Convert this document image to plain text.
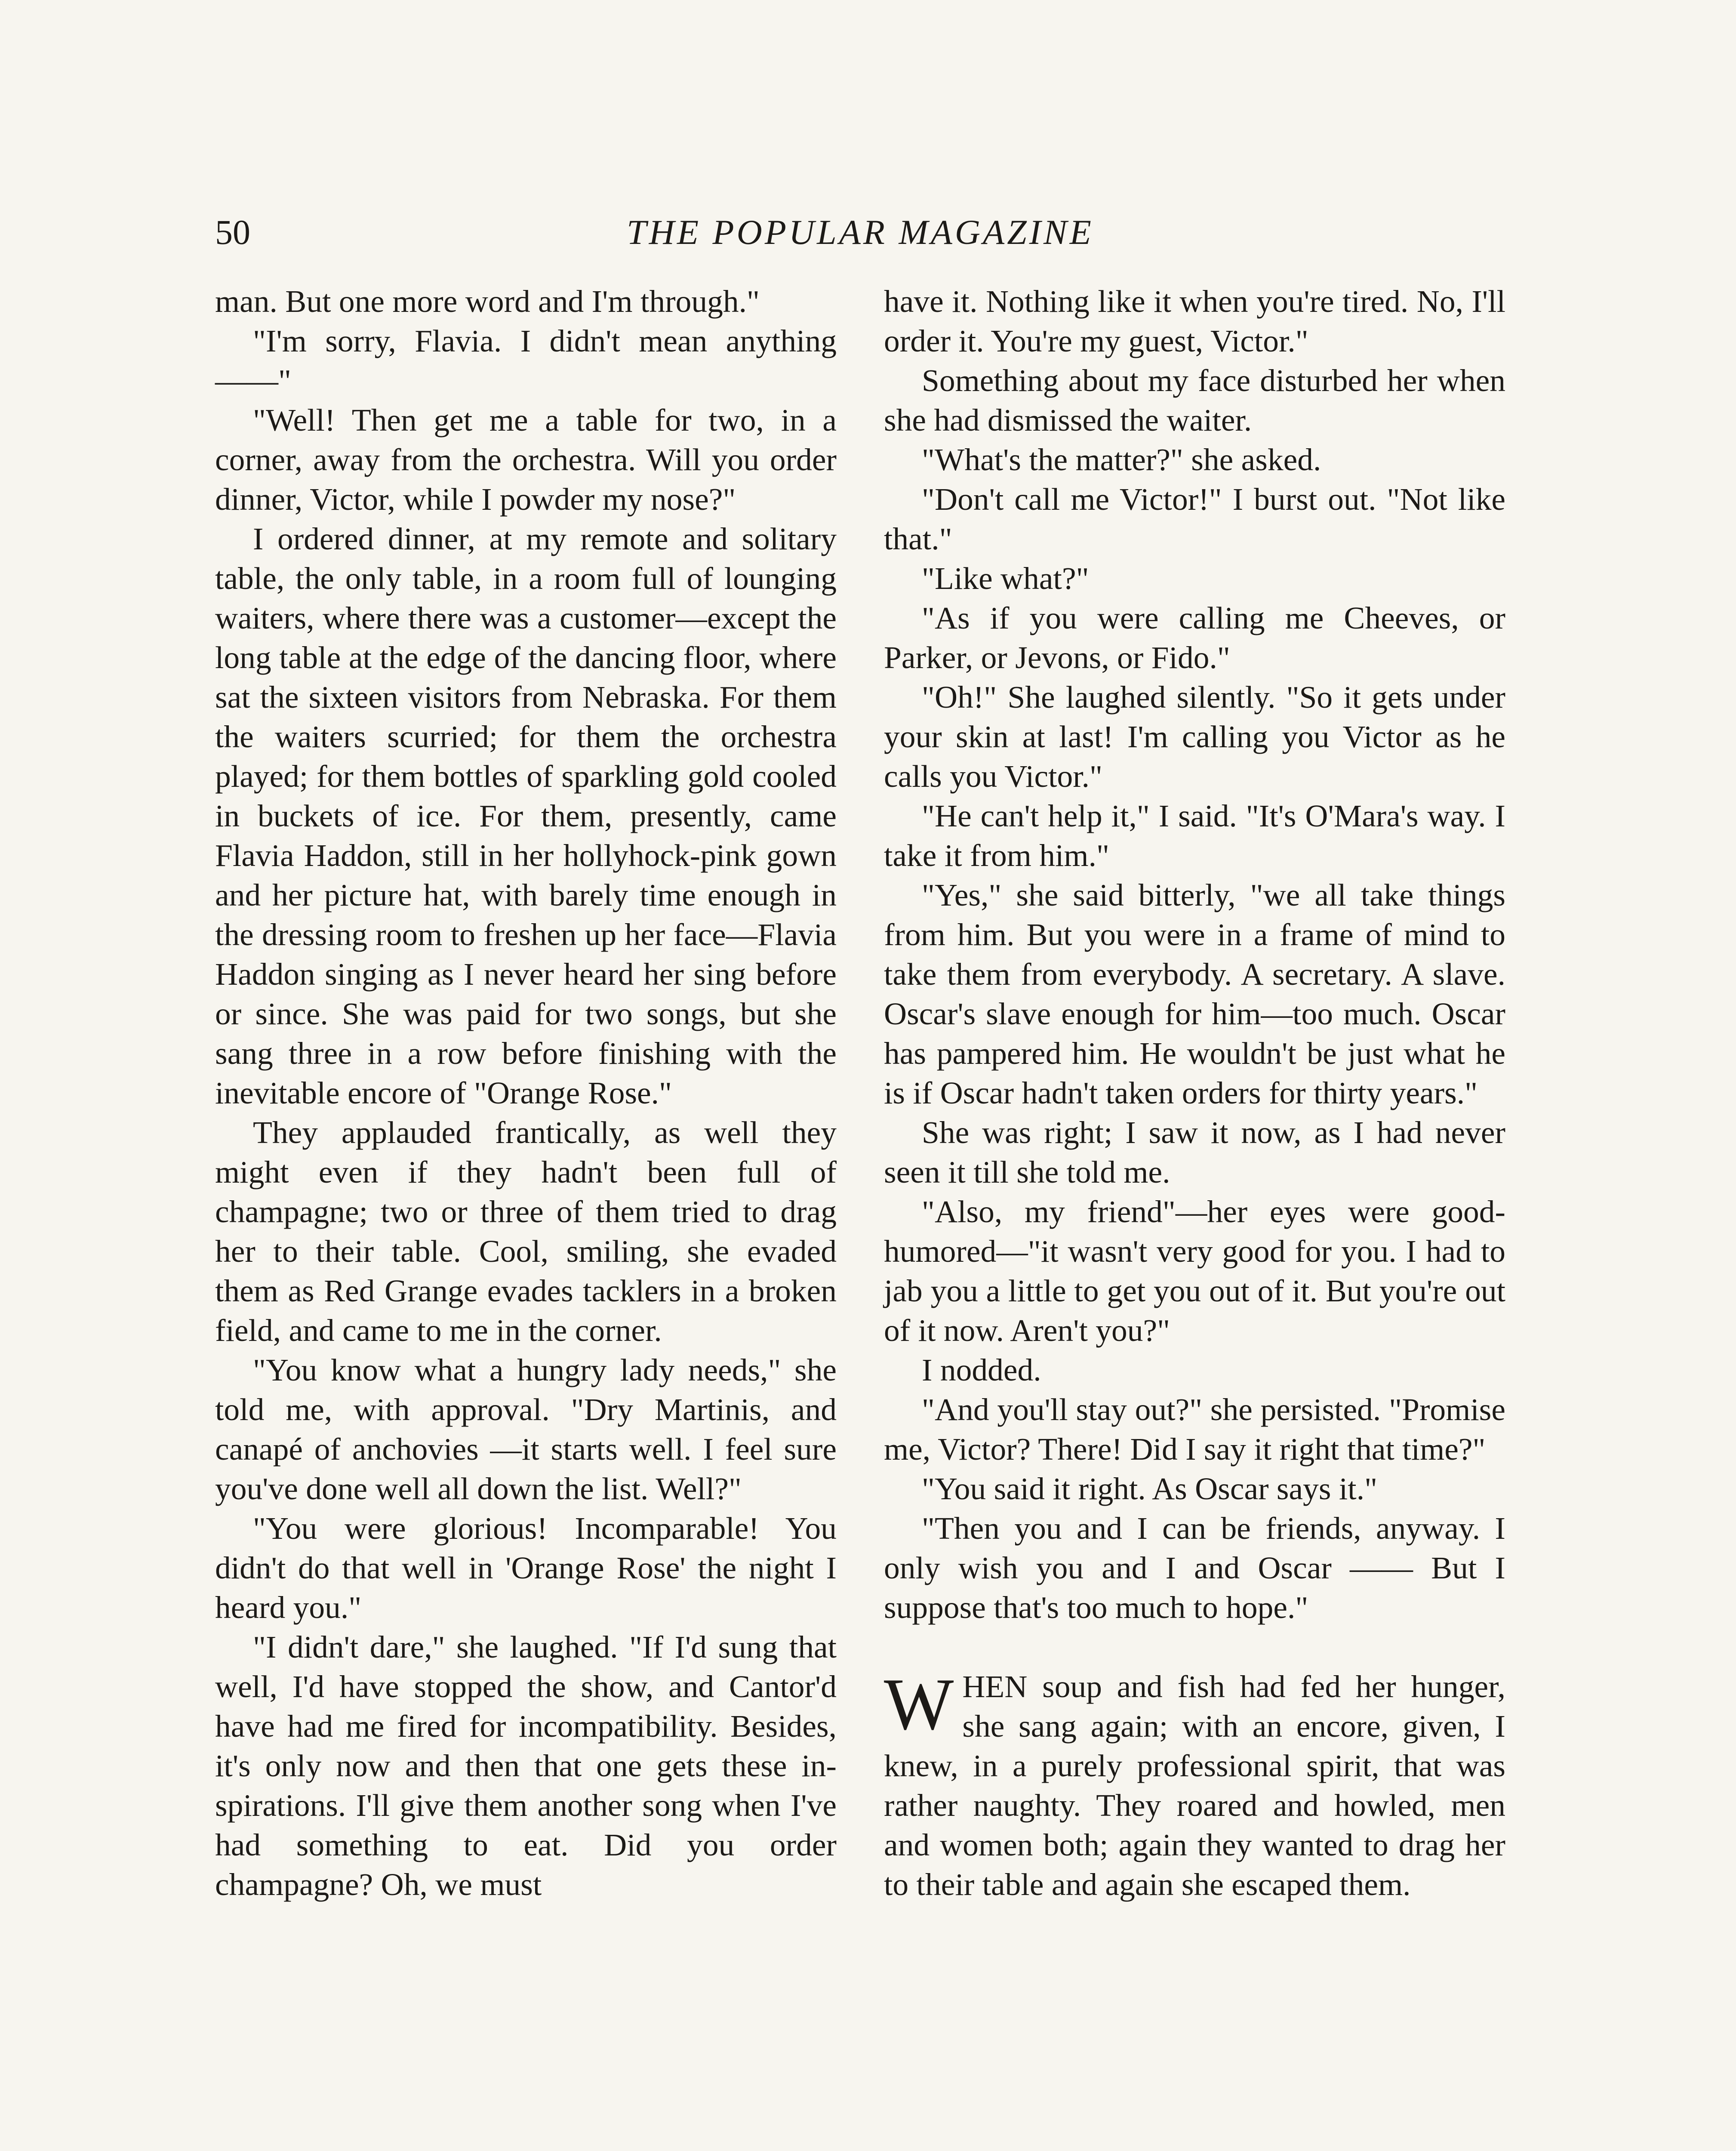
50	THE POPULAR MAGAZINE

man. But one more word and I'm through."

"I'm sorry, Flavia. I didn't mean anything——"

"Well! Then get me a table for two, in a corner, away from the orchestra. Will you order dinner, Victor, while I powder my nose?"

I ordered dinner, at my remote and solitary table, the only table, in a room full of lounging waiters, where there was a customer—except the long table at the edge of the dancing floor, where sat the sixteen visitors from Nebraska. For them the waiters scurried; for them the orchestra played; for them bottles of sparkling gold cooled in buckets of ice. For them, presently, came Flavia Haddon, still in her hollyhock-pink gown and her picture hat, with barely time enough in the dressing room to freshen up her face—Flavia Haddon singing as I never heard her sing before or since. She was paid for two songs, but she sang three in a row before finishing with the inevitable encore of "Orange Rose."

They applauded frantically, as well they might even if they hadn't been full of champagne; two or three of them tried to drag her to their table. Cool, smiling, she evaded them as Red Grange evades tacklers in a broken field, and came to me in the corner.

"You know what a hungry lady needs," she told me, with approval. "Dry Martinis, and canapé of anchovies —it starts well. I feel sure you've done well all down the list. Well?"

"You were glorious! Incomparable! You didn't do that well in 'Orange Rose' the night I heard you."

"I didn't dare," she laughed. "If I'd sung that well, I'd have stopped the show, and Cantor'd have had me fired for incompatibility. Besides, it's only now and then that one gets these inspirations. I'll give them another song when I've had something to eat. Did you order champagne? Oh, we must

have it. Nothing like it when you're tired. No, I'll order it. You're my guest, Victor."

Something about my face disturbed her when she had dismissed the waiter.

"What's the matter?" she asked.

"Don't call me Victor!" I burst out. "Not like that."

"Like what?"

"As if you were calling me Cheeves, or Parker, or Jevons, or Fido."

"Oh!" She laughed silently. "So it gets under your skin at last! I'm calling you Victor as he calls you Victor."

"He can't help it," I said. "It's O'Mara's way. I take it from him."

"Yes," she said bitterly, "we all take things from him. But you were in a frame of mind to take them from everybody. A secretary. A slave. Oscar's slave enough for him—too much. Oscar has pampered him. He wouldn't be just what he is if Oscar hadn't taken orders for thirty years."

She was right; I saw it now, as I had never seen it till she told me.

"Also, my friend"—her eyes were good-humored—"it wasn't very good for you. I had to jab you a little to get you out of it. But you're out of it now. Aren't you?"

I nodded.

"And you'll stay out?" she persisted. "Promise me, Victor? There! Did I say it right that time?"

"You said it right. As Oscar says it."

"Then you and I can be friends, anyway. I only wish you and I and Oscar —— But I suppose that's too much to hope."

WHEN soup and fish had fed her hunger, she sang again; with an encore, given, I knew, in a purely professional spirit, that was rather naughty. They roared and howled, men and women both; again they wanted to drag her to their table and again she escaped them.
